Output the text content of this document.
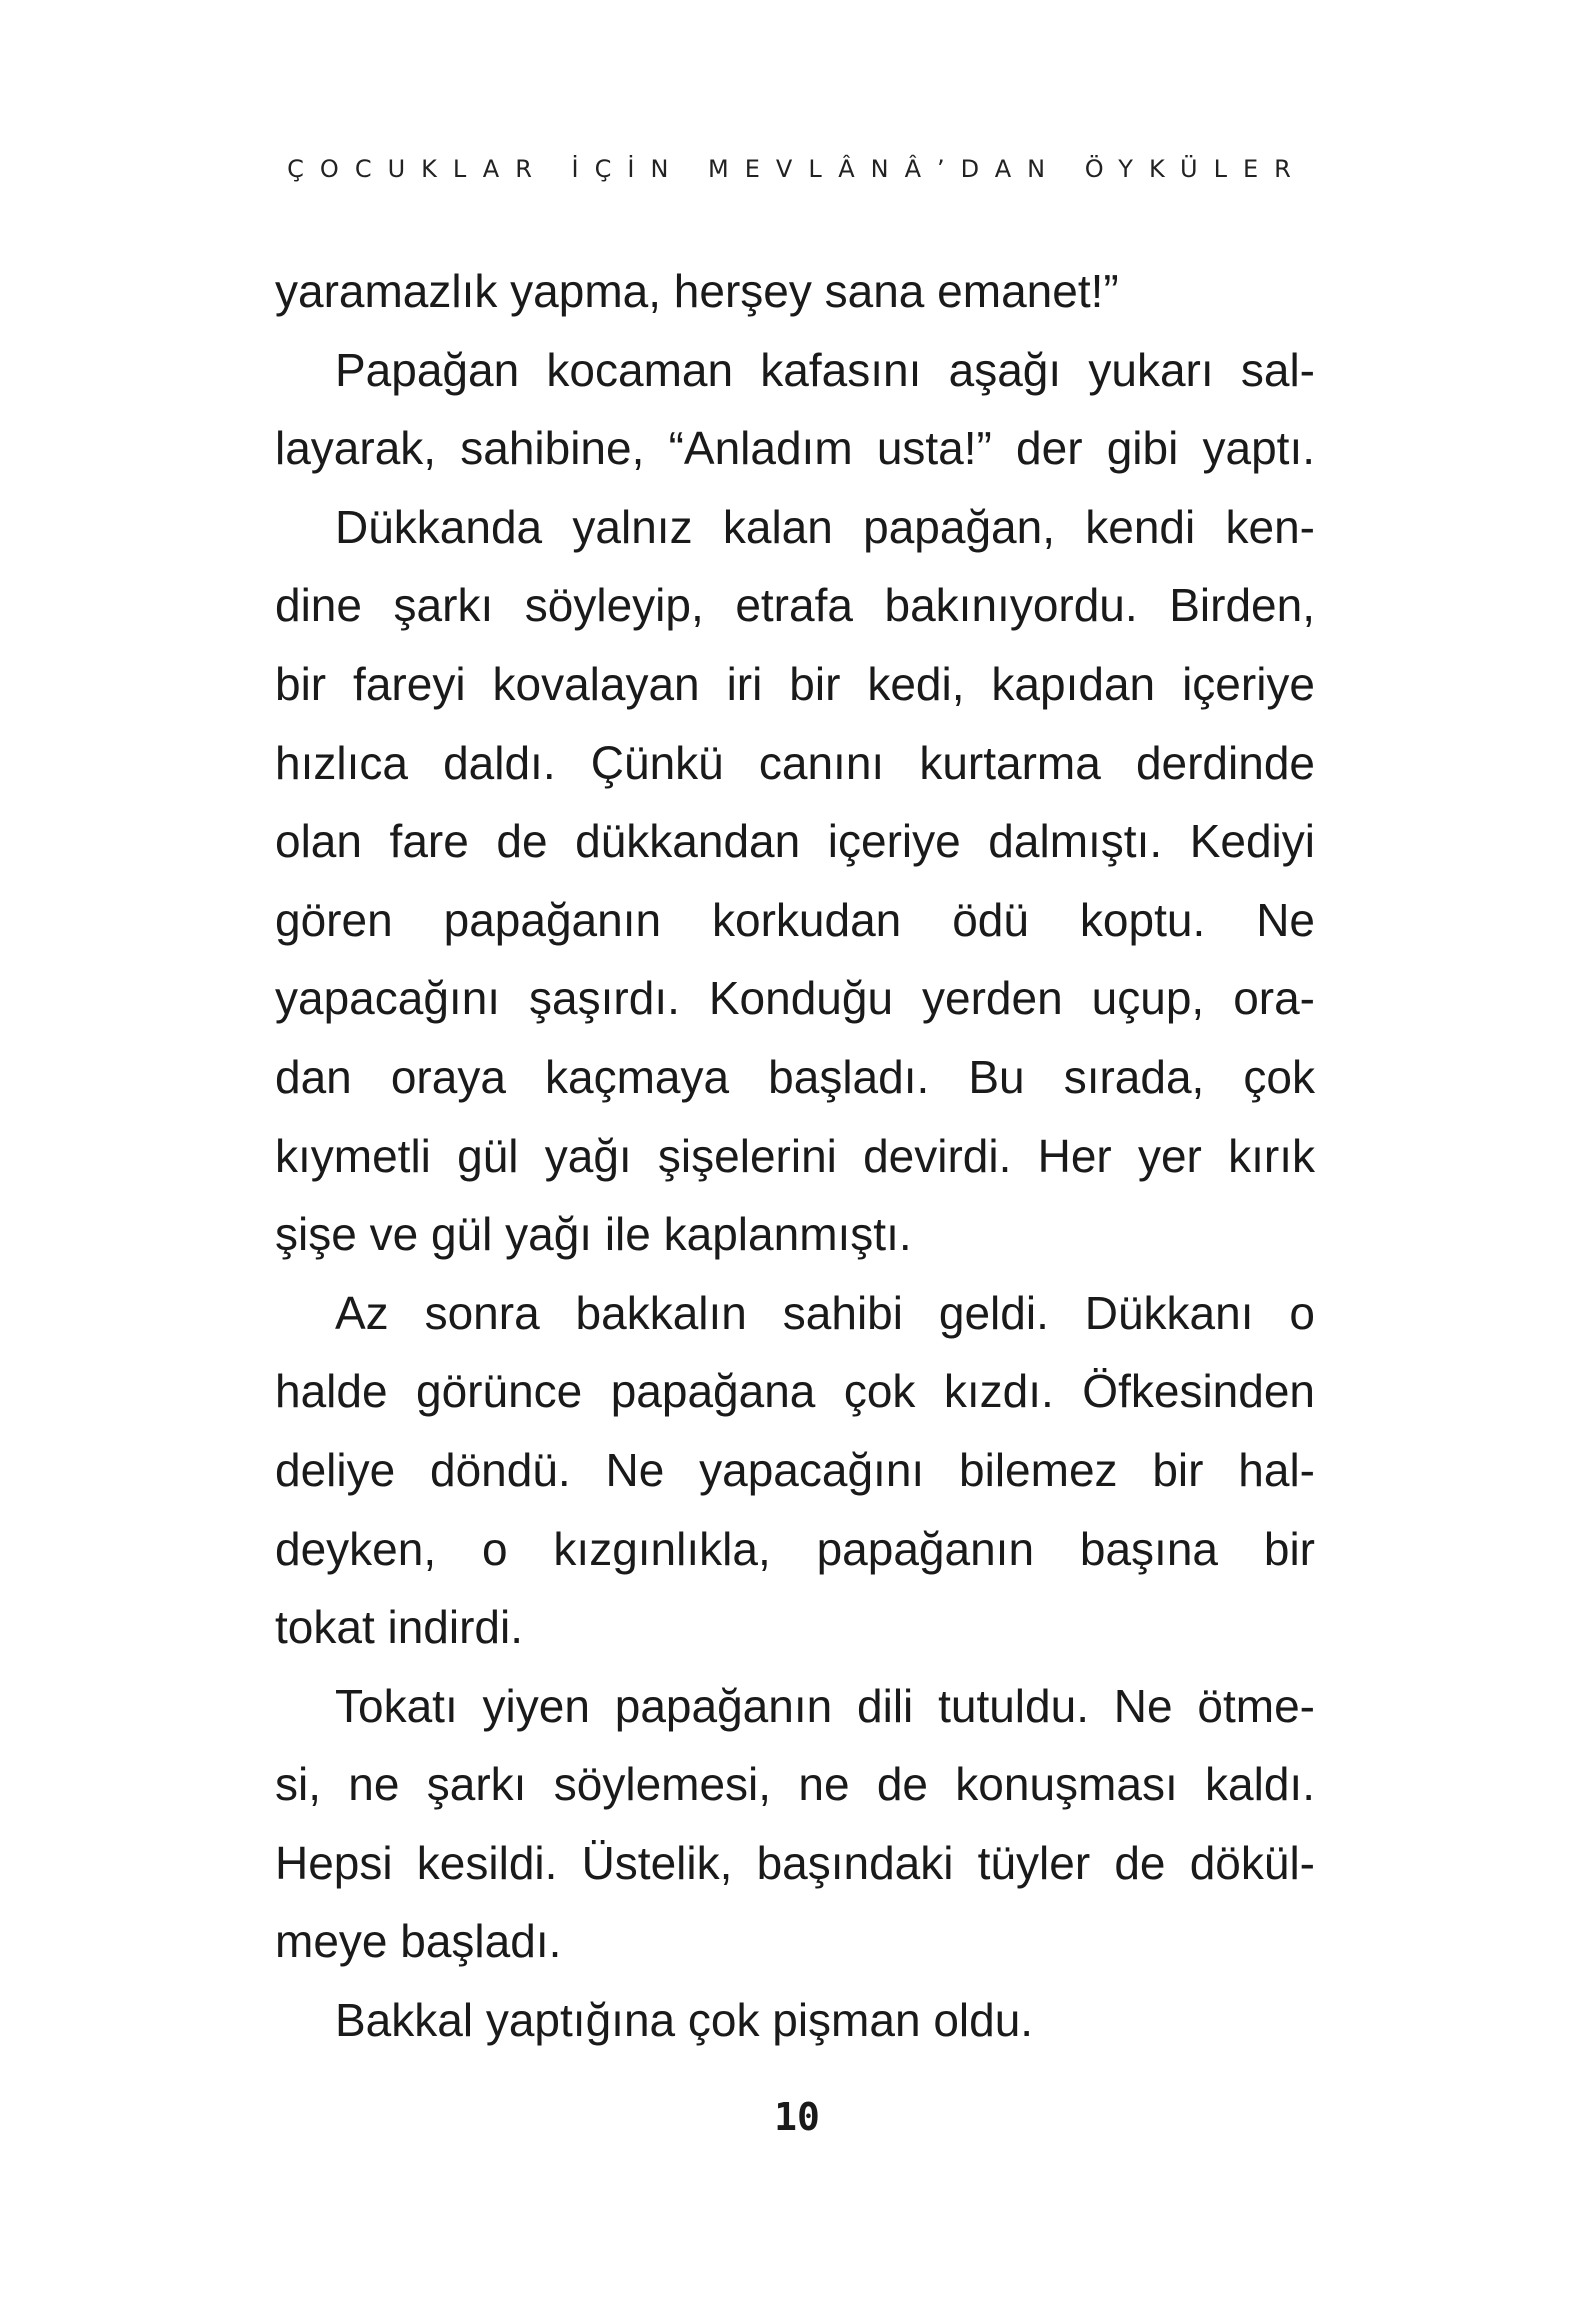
ÇOCUKLAR İÇİN MEVLÂNÂ’DAN ÖYKÜLER
yaramazlık yapma, herşey sana emanet!”
Papağan kocaman kafasını aşağı yukarı sal-
layarak, sahibine, “Anladım usta!” der gibi yaptı.
Dükkanda yalnız kalan papağan, kendi ken-
dine şarkı söyleyip, etrafa bakınıyordu. Birden,
bir fareyi kovalayan iri bir kedi, kapıdan içeriye
hızlıca daldı. Çünkü canını kurtarma derdinde
olan fare de dükkandan içeriye dalmıştı. Kediyi
gören papağanın korkudan ödü koptu. Ne
yapacağını şaşırdı. Konduğu yerden uçup, ora-
dan oraya kaçmaya başladı. Bu sırada, çok
kıymetli gül yağı şişelerini devirdi. Her yer kırık
şişe ve gül yağı ile kaplanmıştı.
Az sonra bakkalın sahibi geldi. Dükkanı o
halde görünce papağana çok kızdı. Öfkesinden
deliye döndü. Ne yapacağını bilemez bir hal-
deyken, o kızgınlıkla, papağanın başına bir
tokat indirdi.
Tokatı yiyen papağanın dili tutuldu. Ne ötme-
si, ne şarkı söylemesi, ne de konuşması kaldı.
Hepsi kesildi. Üstelik, başındaki tüyler de dökül-
meye başladı.
Bakkal yaptığına çok pişman oldu.
10
